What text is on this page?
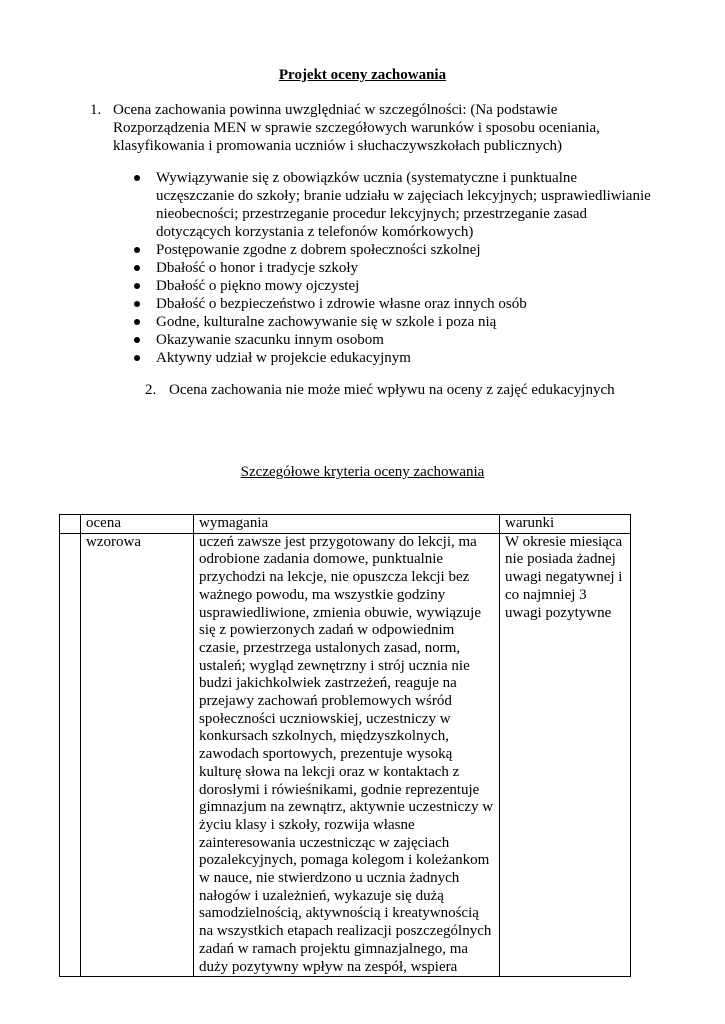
Projekt oceny zachowania
1. Ocena zachowania powinna uwzględniać w szczególności: (Na podstawie Rozporządzenia MEN w sprawie szczegółowych warunków i sposobu oceniania, klasyfikowania i promowania uczniów i słuchaczywszkołach publicznych)
Wywiązywanie się z obowiązków ucznia (systematyczne i punktualne uczęszczanie do szkoły; branie udziału w zajęciach lekcyjnych; usprawiedliwianie nieobecności; przestrzeganie procedur lekcyjnych; przestrzeganie zasad dotyczących korzystania z telefonów komórkowych)
Postępowanie zgodne z dobrem społeczności szkolnej
Dbałość o honor i tradycje szkoły
Dbałość o piękno mowy ojczystej
Dbałość o bezpieczeństwo i zdrowie własne oraz innych osób
Godne, kulturalne zachowywanie się w szkole i poza nią
Okazywanie szacunku innym osobom
Aktywny udział w projekcie edukacyjnym
2. Ocena zachowania nie może mieć wpływu na oceny z zajęć edukacyjnych
Szczegółowe kryteria oceny zachowania
	ocena	wymagania	warunki
	wzorowa	uczeń zawsze jest przygotowany do lekcji, ma odrobione zadania domowe, punktualnie przychodzi na lekcje, nie opuszcza lekcji bez ważnego powodu, ma wszystkie godziny usprawiedliwione, zmienia obuwie, wywiązuje się z powierzonych zadań w odpowiednim czasie, przestrzega ustalonych zasad, norm, ustaleń; wygląd zewnętrzny i strój ucznia nie budzi jakichkolwiek zastrzeżeń, reaguje na przejawy zachowań problemowych wśród społeczności uczniowskiej, uczestniczy w konkursach szkolnych, międzyszkolnych, zawodach sportowych, prezentuje wysoką kulturę słowa na lekcji oraz w kontaktach z dorosłymi i rówieśnikami, godnie reprezentuje gimnazjum na zewnątrz, aktywnie uczestniczy w życiu klasy i szkoły, rozwija własne zainteresowania uczestnicząc w zajęciach pozalekcyjnych, pomaga kolegom i koleżankom w nauce, nie stwierdzono u ucznia żadnych nałogów i uzależnień, wykazuje się dużą samodzielnością, aktywnością i kreatywnością na wszystkich etapach realizacji poszczególnych zadań w ramach projektu gimnazjalnego, ma duży pozytywny wpływ na zespół, wspiera	W okresie miesiąca nie posiada żadnej uwagi negatywnej i co najmniej 3 uwagi pozytywne
